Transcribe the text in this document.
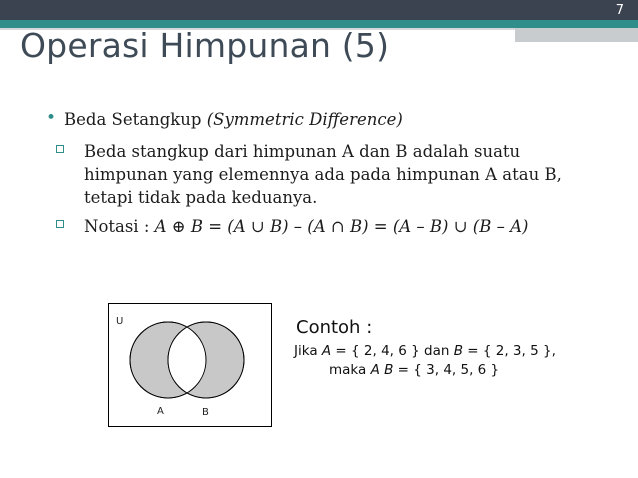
7
Operasi Himpunan (5)
• Beda Setangkup (Symmetric Difference)
Beda stangkup dari himpunan A dan B adalah suatu himpunan yang elemennya ada pada himpunan A atau B, tetapi tidak pada keduanya.
Notasi : A ⊕ B = (A ∪ B) – (A ∩ B) = (A – B) ∪ (B – A)
U
A	B
Contoh :
Jika A = { 2, 4, 6 } dan B = { 2, 3, 5 },
maka A B = { 3, 4, 5, 6 }
